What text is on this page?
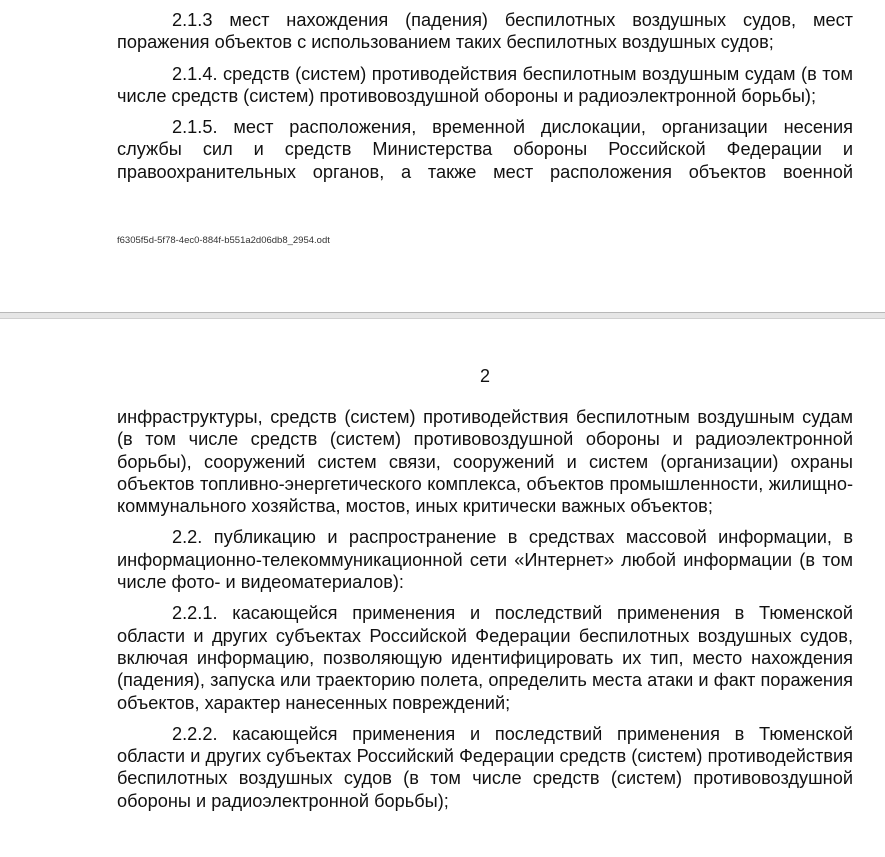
2.1.3 мест нахождения (падения) беспилотных воздушных судов, мест поражения объектов с использованием таких беспилотных воздушных судов;

2.1.4. средств (систем) противодействия беспилотным воздушным судам (в том числе средств (систем) противовоздушной обороны и радиоэлектронной борьбы);

2.1.5. мест расположения, временной дислокации, организации несения службы сил и средств Министерства обороны Российской Федерации и правоохранительных органов, а также мест расположения объектов военной

f6305f5d-5f78-4ec0-884f-b551a2d06db8_2954.odt
2

инфраструктуры, средств (систем) противодействия беспилотным воздушным судам (в том числе средств (систем) противовоздушной обороны и радиоэлектронной борьбы), сооружений систем связи, сооружений и систем (организации) охраны объектов топливно-энергетического комплекса, объектов промышленности, жилищно-коммунального хозяйства, мостов, иных критически важных объектов;

2.2. публикацию и распространение в средствах массовой информации, в информационно-телекоммуникационной сети «Интернет» любой информации (в том числе фото- и видеоматериалов):

2.2.1. касающейся применения и последствий применения в Тюменской области и других субъектах Российской Федерации беспилотных воздушных судов, включая информацию, позволяющую идентифицировать их тип, место нахождения (падения), запуска или траекторию полета, определить места атаки и факт поражения объектов, характер нанесенных повреждений;

2.2.2. касающейся применения и последствий применения в Тюменской области и других субъектах Российский Федерации средств (систем) противодействия беспилотных воздушных судов (в том числе средств (систем) противовоздушной обороны и радиоэлектронной борьбы);
